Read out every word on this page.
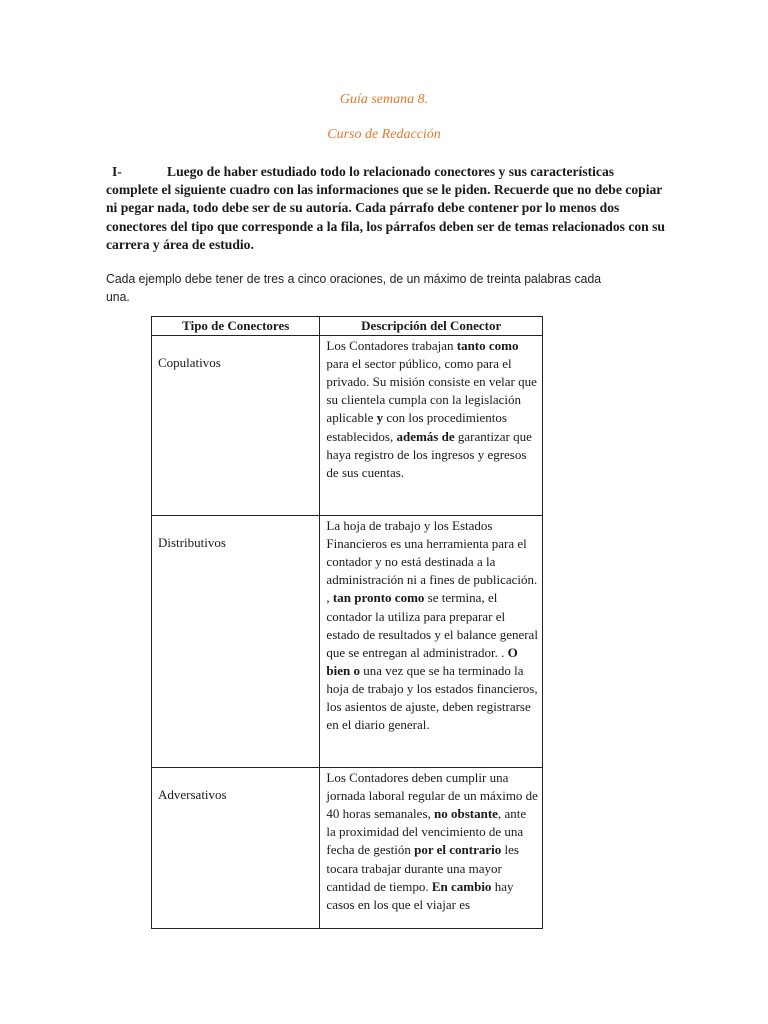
Guía semana 8.
Curso de Redacción
I-	Luego de haber estudiado todo lo relacionado conectores y sus características complete el siguiente cuadro con las informaciones que se le piden. Recuerde que no debe copiar ni pegar nada, todo debe ser de su autoría. Cada párrafo debe contener por lo menos dos conectores del tipo que corresponde a la fila, los párrafos deben ser de temas relacionados con su carrera y área de estudio.
Cada ejemplo debe tener de tres a cinco oraciones, de un máximo de treinta palabras cada una.
Tipo de Conectores	Descripción del Conector
Copulativos	Los Contadores trabajan tanto como para el sector público, como para el privado. Su misión consiste en velar que su clientela cumpla con la legislación aplicable y con los procedimientos establecidos, además de garantizar que haya registro de los ingresos y egresos de sus cuentas.
Distributivos	La hoja de trabajo y los Estados Financieros es una herramienta para el contador y no está destinada a la administración ni a fines de publicación. , tan pronto como se termina, el contador la utiliza para preparar el estado de resultados y el balance general que se entregan al administrador. . O bien o una vez que se ha terminado la hoja de trabajo y los estados financieros, los asientos de ajuste, deben registrarse en el diario general.
Adversativos	Los Contadores deben cumplir una jornada laboral regular de un máximo de 40 horas semanales, no obstante, ante la proximidad del vencimiento de una fecha de gestión por el contrario les tocara trabajar durante una mayor cantidad de tiempo. En cambio hay casos en los que el viajar es
